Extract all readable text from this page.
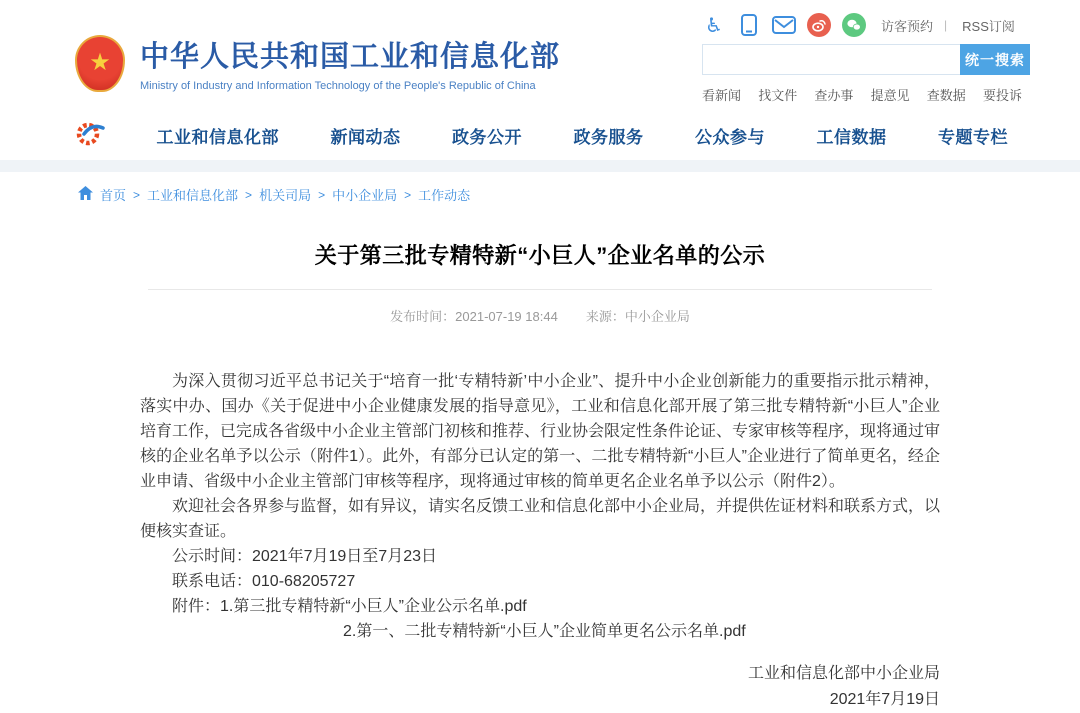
★	中华人民共和国工业和信息化部
Ministry of Industry and Information Technology of the People's Republic of China
♿	访客预约 | RSS订阅
统一搜索
看新闻 找文件 查办事 提意见 查数据 要投诉
工业和信息化部	新闻动态	政务公开	政务服务	公众参与	工信数据	专题专栏
首页 > 工业和信息化部 > 机关司局 > 中小企业局 > 工作动态
关于第三批专精特新“小巨人”企业名单的公示
发布时间：2021-07-19 18:44 来源：中小企业局

为深入贯彻习近平总书记关于“培育一批‘专精特新’中小企业”、提升中小企业创新能力的重要指示批示精神，落实中办、国办《关于促进中小企业健康发展的指导意见》，工业和信息化部开展了第三批专精特新“小巨人”企业培育工作，已完成各省级中小企业主管部门初核和推荐、行业协会限定性条件论证、专家审核等程序，现将通过审核的企业名单予以公示（附件1）。此外，有部分已认定的第一、二批专精特新“小巨人”企业进行了简单更名，经企业申请、省级中小企业主管部门审核等程序，现将通过审核的简单更名企业名单予以公示（附件2）。

欢迎社会各界参与监督，如有异议，请实名反馈工业和信息化部中小企业局，并提供佐证材料和联系方式，以便核实查证。

公示时间：2021年7月19日至7月23日
联系电话：010-68205727
附件：1.第三批专精特新“小巨人”企业公示名单.pdf
2.第一、二批专精特新“小巨人”企业简单更名公示名单.pdf
工业和信息化部中小企业局
2021年7月19日
